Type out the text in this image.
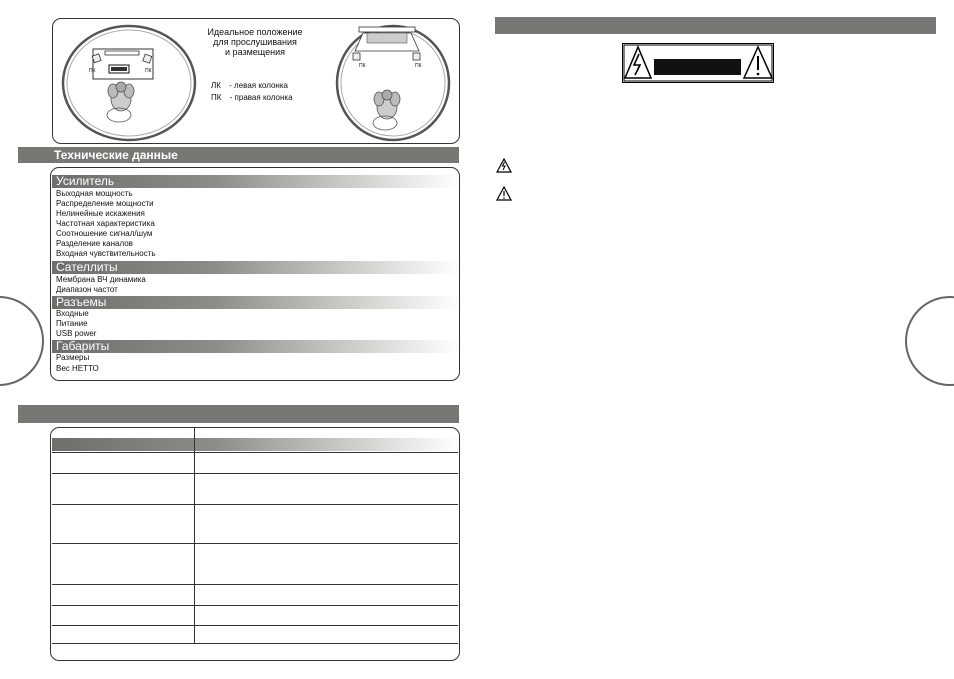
ПК	ПК
Идеальное положение
для прослушивания
и размещения
ЛК - левая колонка
ПК - правая колонка
ПК	ПК
Технические данные
Усилитель
Выходная мощность
Распределение мощности
Нелинейные искажения
Частотная характеристика
Соотношение сигнал/шум
Разделение каналов
Входная чувствительность
Сателлиты
Мембрана ВЧ динамика
Диапазон частот
Разъемы
Входные
Питание
USB power
Габариты
Размеры
Вес НЕТТО
